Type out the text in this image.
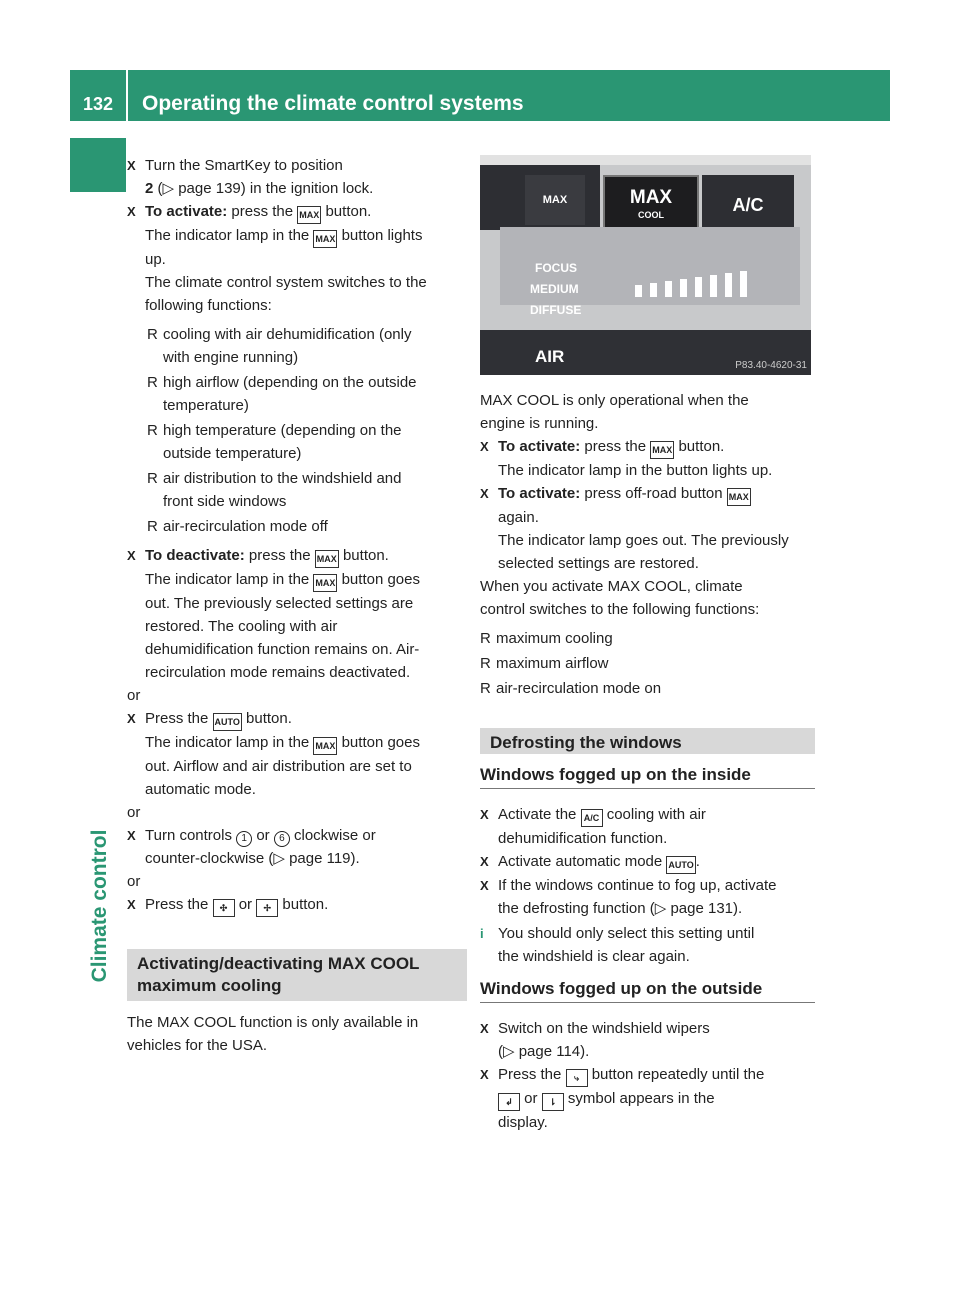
132	Operating the climate control systems
Climate control
X Turn the SmartKey to position

2 (▷ page 139) in the ignition lock.

X To activate: press the MAX button.

The indicator lamp in the MAX button lights

up.

The climate control system switches to the

following functions:

R cooling with air dehumidification (only

with engine running)

R high airflow (depending on the outside

temperature)

R high temperature (depending on the

outside temperature)

R air distribution to the windshield and

front side windows

R air-recirculation mode off

X To deactivate: press the MAX button.

The indicator lamp in the MAX button goes

out. The previously selected settings are

restored. The cooling with air

dehumidification function remains on. Air-

recirculation mode remains deactivated.

or

X Press the AUTO button.

The indicator lamp in the MAX button goes

out. Airflow and air distribution are set to

automatic mode.

or

X Turn controls 1 or 6 clockwise or

counter-clockwise (▷ page 119).

or

X Press the ✣ or ✢ button.

Activating/deactivating MAX COOL

maximum cooling

The MAX COOL function is only available in

vehicles for the USA.

MAX	MAX
COOL	A/C
FOCUS
MEDIUM
DIFFUSE
AIR	P83.40-4620-31

MAX COOL is only operational when the

engine is running.

X To activate: press the MAX button.

The indicator lamp in the button lights up.

X To activate: press off-road button MAX

again.

The indicator lamp goes out. The previously

selected settings are restored.

When you activate MAX COOL, climate

control switches to the following functions:

R maximum cooling

R maximum airflow

R air-recirculation mode on

Defrosting the windows
Windows fogged up on the inside
X Activate the A/C cooling with air

dehumidification function.

X Activate automatic mode AUTO .

X If the windows continue to fog up, activate

the defrosting function (▷ page 131).

i You should only select this setting until

the windshield is clear again.

Windows fogged up on the outside
X Switch on the windshield wipers

(▷ page 114).

X Press the ⤷ button repeatedly until the

↲ or ⇂ symbol appears in the

display.
